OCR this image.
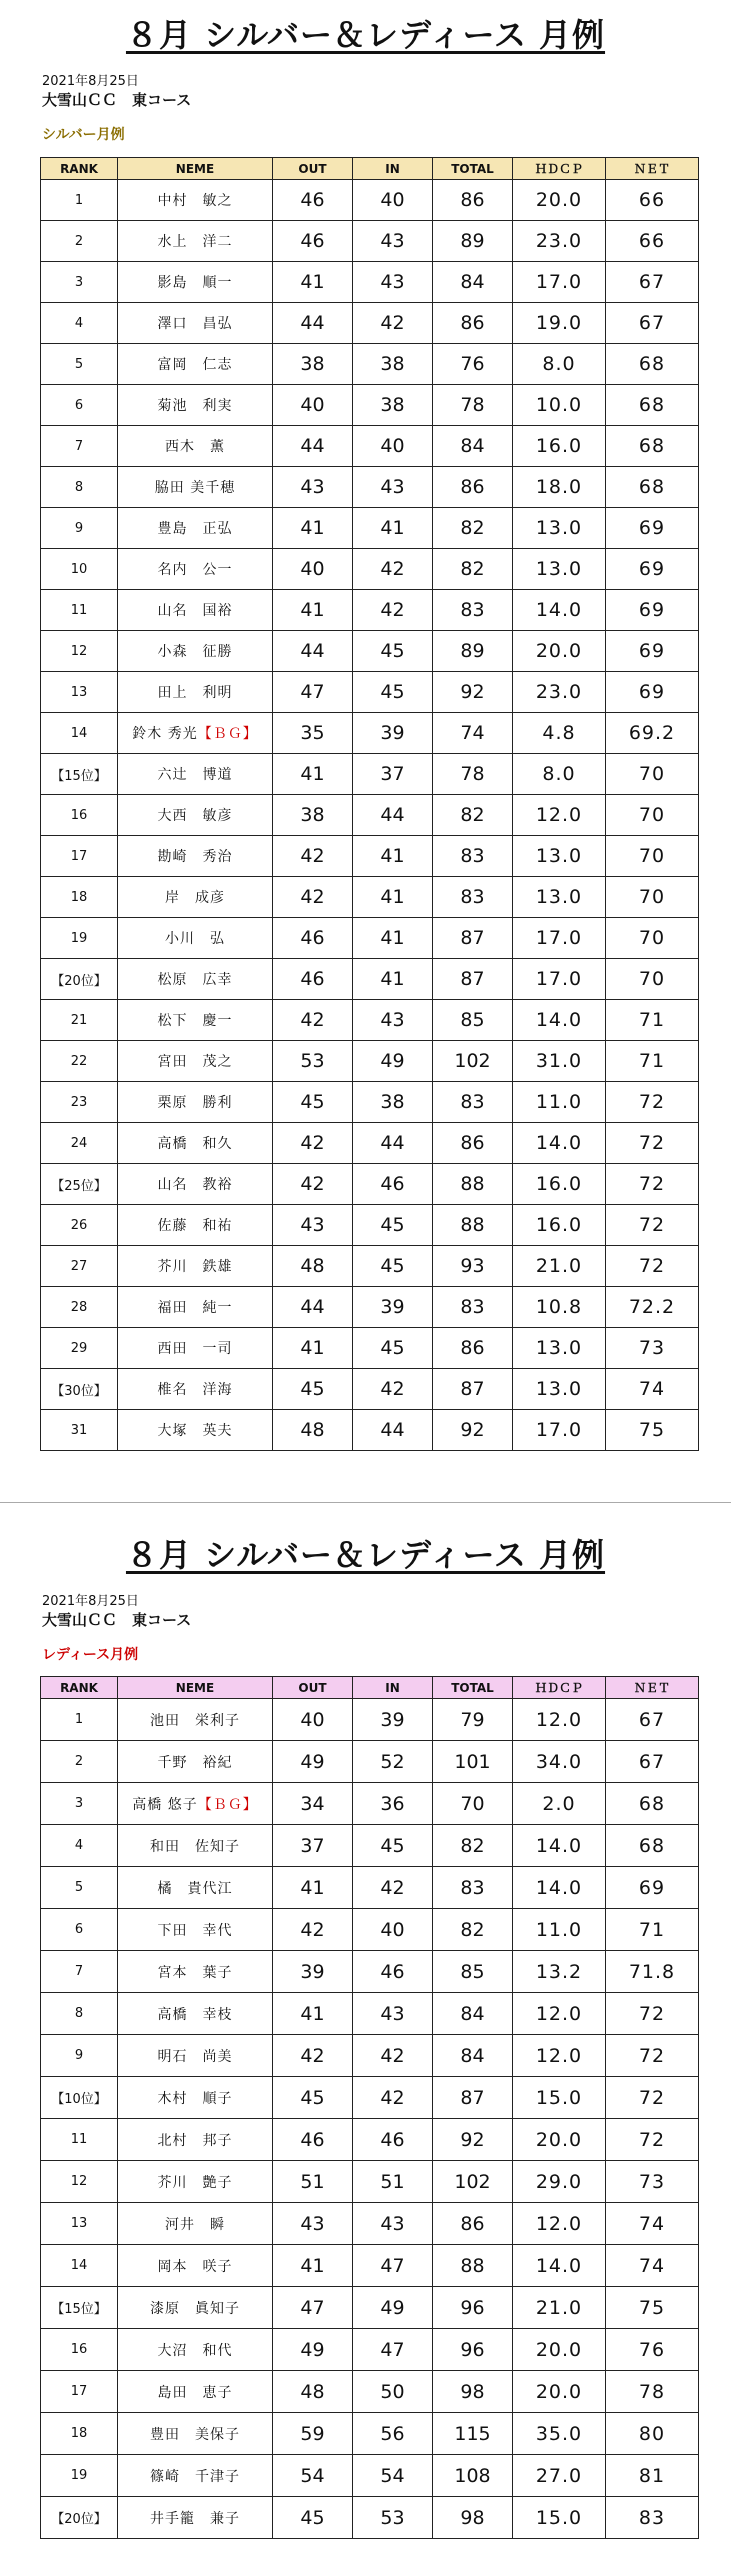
８月 シルバー＆レディース 月例
2021年8月25日
大雪山ＣＣ　東コース
シルバー月例
RANK	NEME	OUT	IN	TOTAL	ＨＤＣＰ	ＮＥＴ
1	中村　敏之	46	40	86	20.0	66
2	水上　洋二	46	43	89	23.0	66
3	影島　順一	41	43	84	17.0	67
4	澤口　昌弘	44	42	86	19.0	67
5	富岡　仁志	38	38	76	8.0	68
6	菊池　利実	40	38	78	10.0	68
7	西木　薫	44	40	84	16.0	68
8	脇田 美千穂	43	43	86	18.0	68
9	豊島　正弘	41	41	82	13.0	69
10	名内　公一	40	42	82	13.0	69
11	山名　国裕	41	42	83	14.0	69
12	小森　征勝	44	45	89	20.0	69
13	田上　利明	47	45	92	23.0	69
14	鈴木 秀光【ＢＧ】	35	39	74	4.8	69.2
【15位】	六辻　博道	41	37	78	8.0	70
16	大西　敏彦	38	44	82	12.0	70
17	勘崎　秀治	42	41	83	13.0	70
18	岸　成彦	42	41	83	13.0	70
19	小川　弘	46	41	87	17.0	70
【20位】	松原　広幸	46	41	87	17.0	70
21	松下　慶一	42	43	85	14.0	71
22	宮田　茂之	53	49	102	31.0	71
23	栗原　勝利	45	38	83	11.0	72
24	高橋　和久	42	44	86	14.0	72
【25位】	山名　教裕	42	46	88	16.0	72
26	佐藤　和祐	43	45	88	16.0	72
27	芥川　鉄雄	48	45	93	21.0	72
28	福田　純一	44	39	83	10.8	72.2
29	西田　一司	41	45	86	13.0	73
【30位】	椎名　洋海	45	42	87	13.0	74
31	大塚　英夫	48	44	92	17.0	75
８月 シルバー＆レディース 月例
2021年8月25日
大雪山ＣＣ　東コース
レディース月例
RANK	NEME	OUT	IN	TOTAL	ＨＤＣＰ	ＮＥＴ
1	池田　栄利子	40	39	79	12.0	67
2	千野　裕紀	49	52	101	34.0	67
3	高橋 悠子【ＢＧ】	34	36	70	2.0	68
4	和田　佐知子	37	45	82	14.0	68
5	橘　貴代江	41	42	83	14.0	69
6	下田　幸代	42	40	82	11.0	71
7	宮本　葉子	39	46	85	13.2	71.8
8	高橋　幸枝	41	43	84	12.0	72
9	明石　尚美	42	42	84	12.0	72
【10位】	木村　順子	45	42	87	15.0	72
11	北村　邦子	46	46	92	20.0	72
12	芥川　艶子	51	51	102	29.0	73
13	河井　瞬	43	43	86	12.0	74
14	岡本　咲子	41	47	88	14.0	74
【15位】	漆原　眞知子	47	49	96	21.0	75
16	大沼　和代	49	47	96	20.0	76
17	島田　恵子	48	50	98	20.0	78
18	豊田　美保子	59	56	115	35.0	80
19	篠崎　千津子	54	54	108	27.0	81
【20位】	井手籠　兼子	45	53	98	15.0	83
